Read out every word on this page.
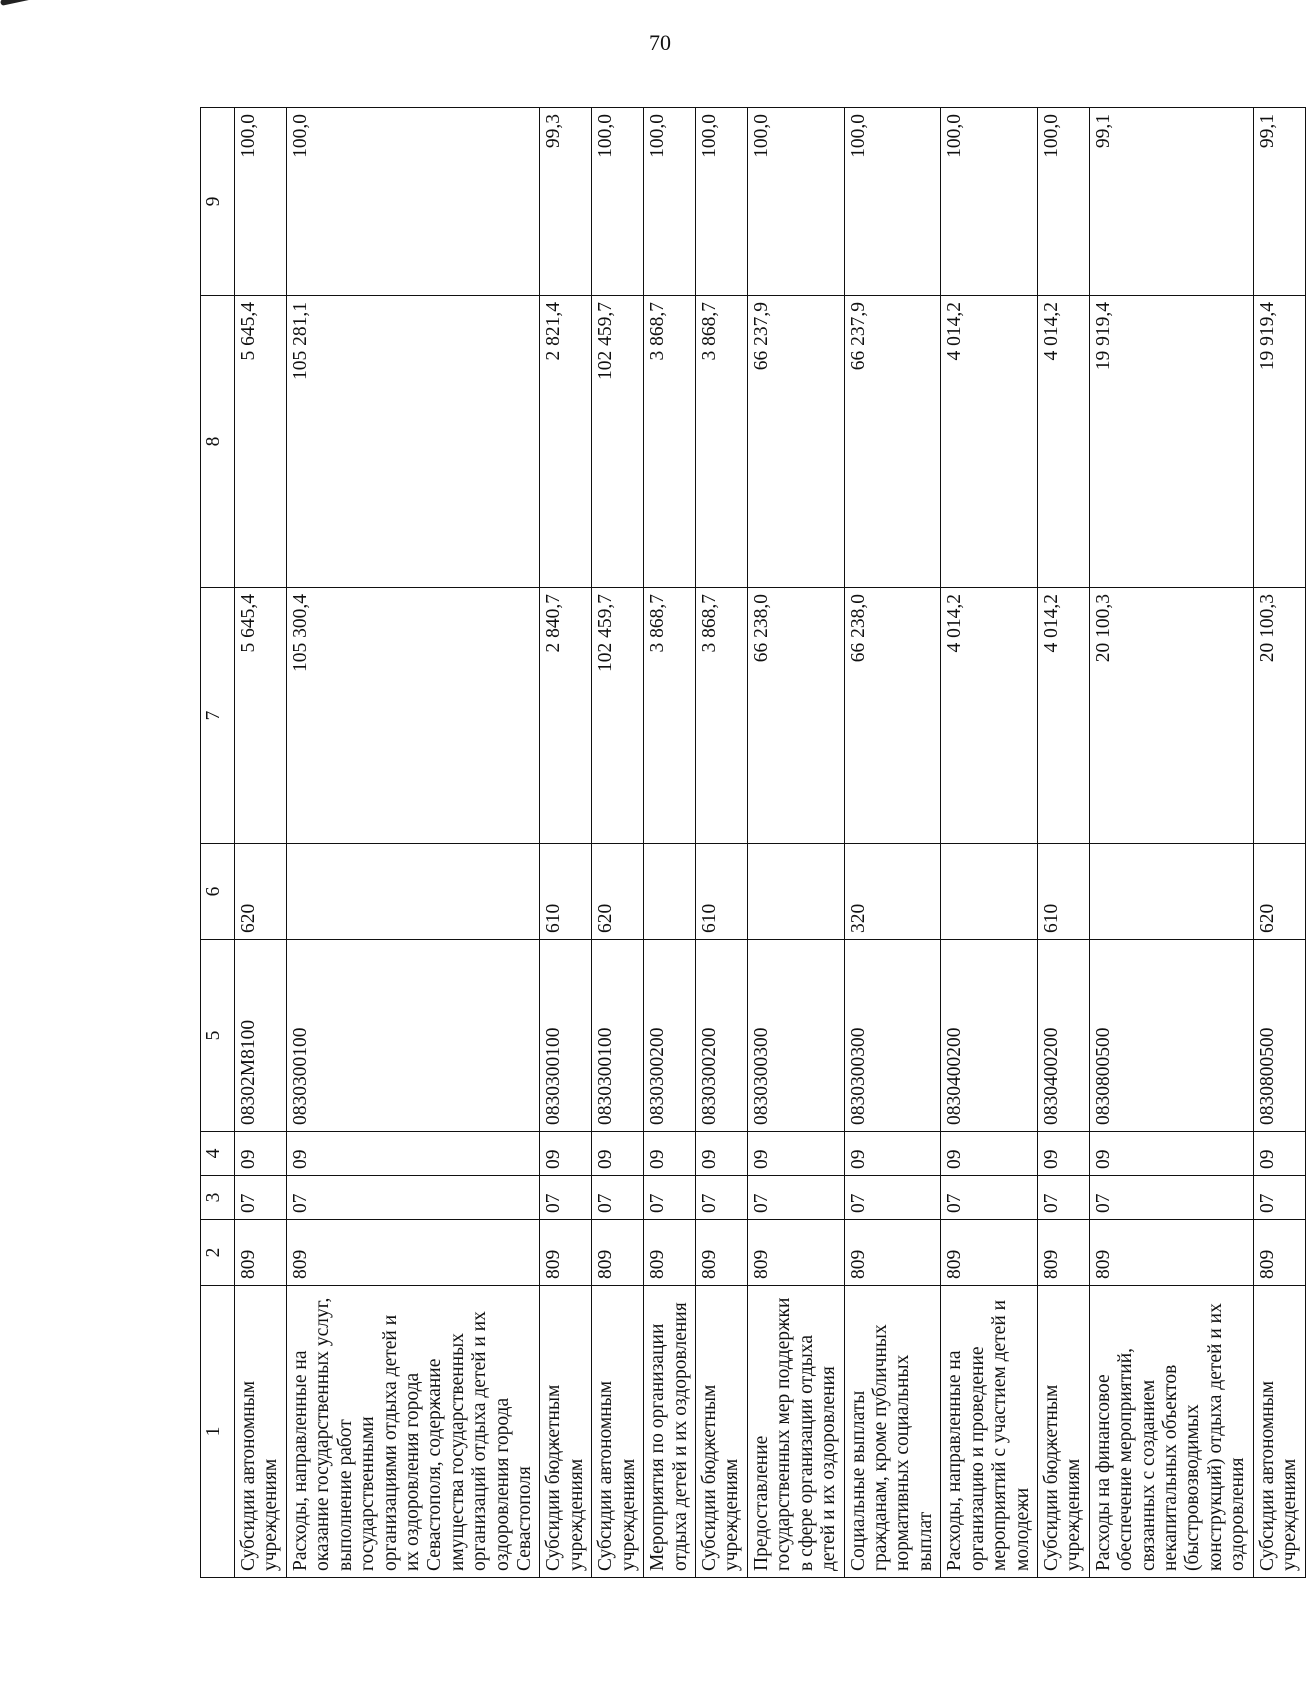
70
1	2	3	4	5	6	7	8	9
Субсидии автономным учреждениям	809	07	09	08302M8100	620	5 645,4	5 645,4	100,0
Расходы, направленные на оказание государственных услуг, выполнение работ государственными организациями отдыха детей и их оздоровления города Севастополя, содержание имущества государственных организаций отдыха детей и их оздоровления города Севастополя	809	07	09	0830300100		105 300,4	105 281,1	100,0
Субсидии бюджетным учреждениям	809	07	09	0830300100	610	2 840,7	2 821,4	99,3
Субсидии автономным учреждениям	809	07	09	0830300100	620	102 459,7	102 459,7	100,0
Мероприятия по организации отдыха детей и их оздоровления	809	07	09	0830300200		3 868,7	3 868,7	100,0
Субсидии бюджетным учреждениям	809	07	09	0830300200	610	3 868,7	3 868,7	100,0
Предоставление государственных мер поддержки в сфере организации отдыха детей и их оздоровления	809	07	09	0830300300		66 238,0	66 237,9	100,0
Социальные выплаты гражданам, кроме публичных нормативных социальных выплат	809	07	09	0830300300	320	66 238,0	66 237,9	100,0
Расходы, направленные на организацию и проведение мероприятий с участием детей и молодежи	809	07	09	0830400200		4 014,2	4 014,2	100,0
Субсидии бюджетным учреждениям	809	07	09	0830400200	610	4 014,2	4 014,2	100,0
Расходы на финансовое обеспечение мероприятий, связанных с созданием некапитальных объектов (быстровозводимых конструкций) отдыха детей и их оздоровления	809	07	09	0830800500		20 100,3	19 919,4	99,1
Субсидии автономным учреждениям	809	07	09	0830800500	620	20 100,3	19 919,4	99,1
